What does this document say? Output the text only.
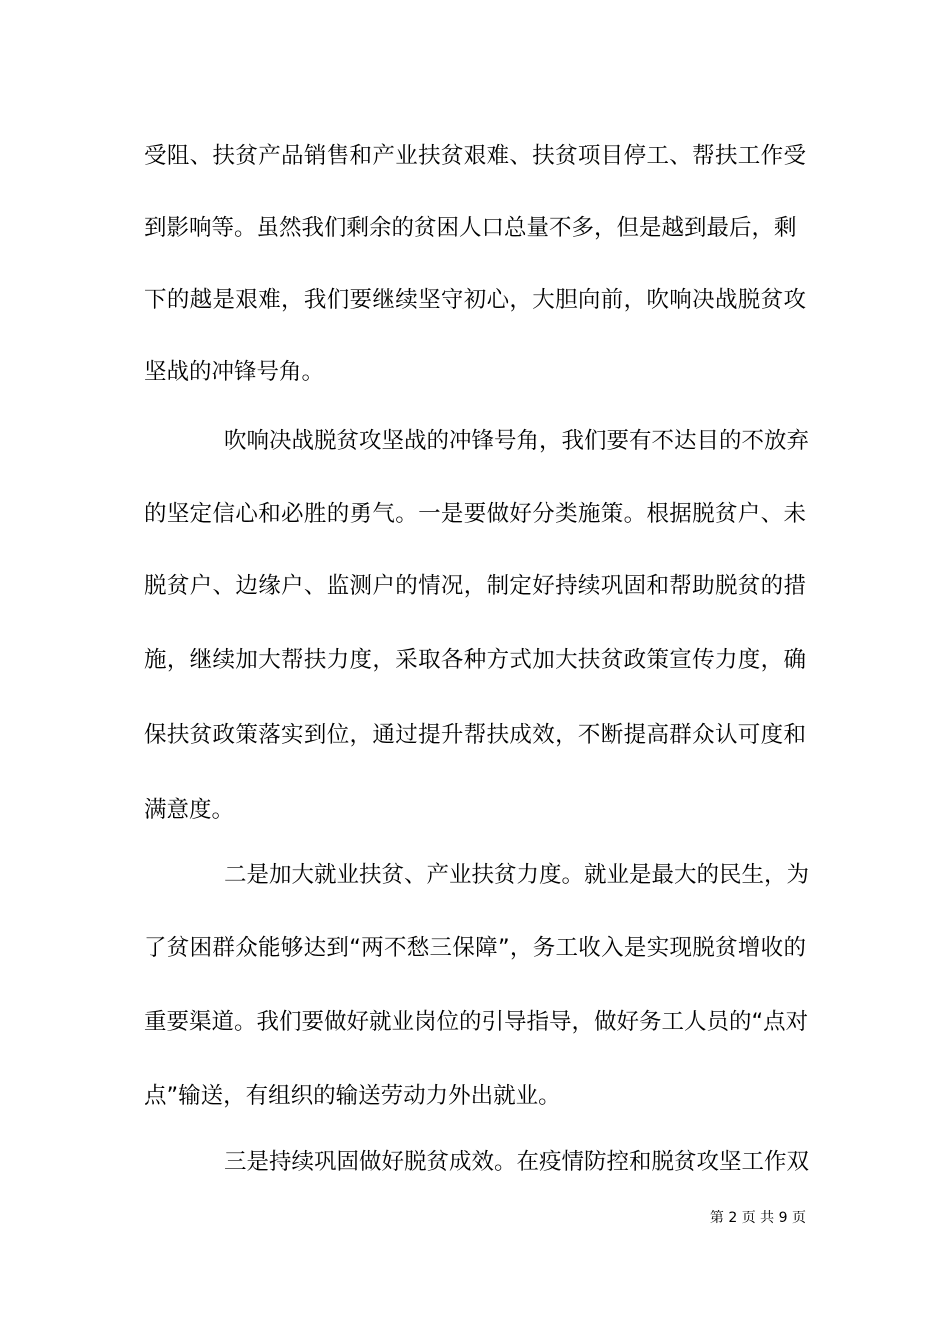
受阻、扶贫产品销售和产业扶贫艰难、扶贫项目停工、帮扶工作受
到影响等。虽然我们剩余的贫困人口总量不多，但是越到最后，剩
下的越是艰难，我们要继续坚守初心，大胆向前，吹响决战脱贫攻
坚战的冲锋号角。
吹响决战脱贫攻坚战的冲锋号角，我们要有不达目的不放弃
的坚定信心和必胜的勇气。一是要做好分类施策。根据脱贫户、未
脱贫户、边缘户、监测户的情况，制定好持续巩固和帮助脱贫的措
施，继续加大帮扶力度，采取各种方式加大扶贫政策宣传力度，确
保扶贫政策落实到位，通过提升帮扶成效，不断提高群众认可度和
满意度。
二是加大就业扶贫、产业扶贫力度。就业是最大的民生，为
了贫困群众能够达到“两不愁三保障”，务工收入是实现脱贫增收的
重要渠道。我们要做好就业岗位的引导指导，做好务工人员的“点对
点”输送，有组织的输送劳动力外出就业。
三是持续巩固做好脱贫成效。在疫情防控和脱贫攻坚工作双
第 2 页 共 9 页
